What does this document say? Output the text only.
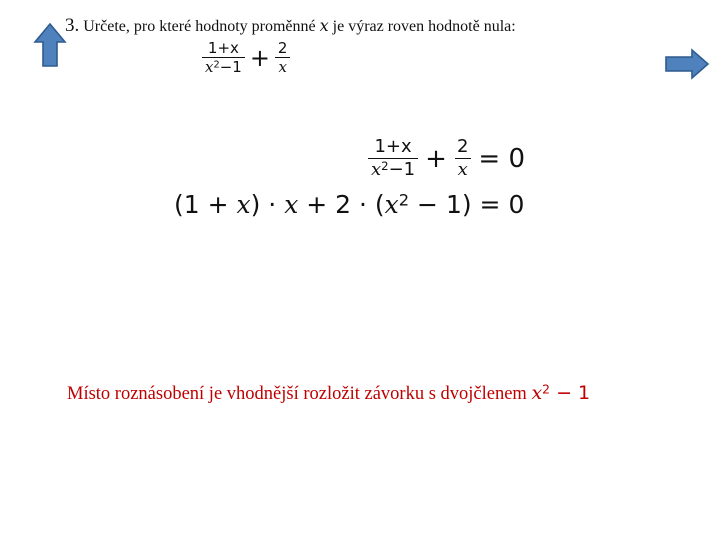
3. Určete, pro které hodnoty proměnné x je výraz roven hodnotě nula:
$\frac{1+x}{x^2-1} + \frac{2}{x}$
$\frac{1+x}{x^2-1} + \frac{2}{x} = 0$
$(1 + x) \cdot x + 2 \cdot (x^2 - 1) = 0$
Místo roznásobení je vhodnější rozložit závorku s dvojčlenem $x^2 - 1$
